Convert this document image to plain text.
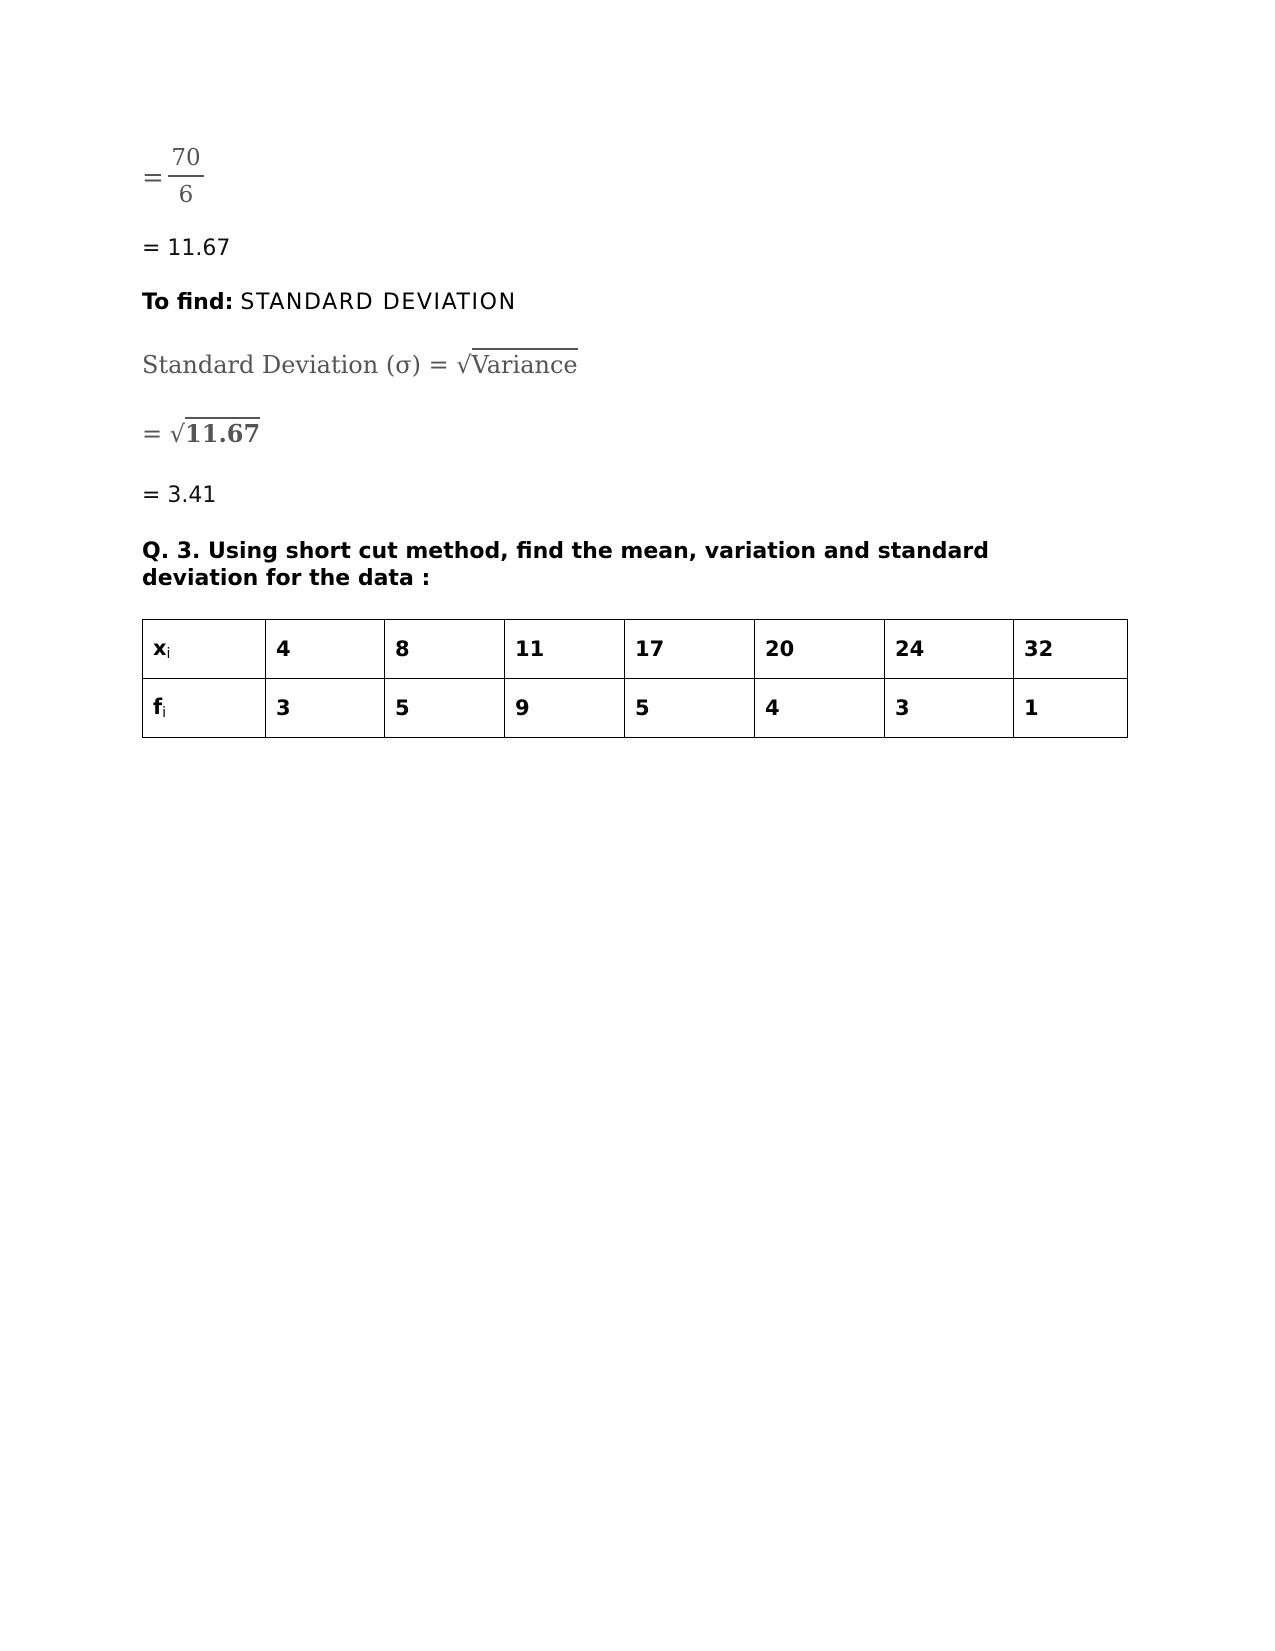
=
70
6
= 11.67
To find: STANDARD DEVIATION
Standard Deviation (σ) = √Variance
= √11.67
= 3.41
Q. 3. Using short cut method, find the mean, variation and standard deviation for the data :
$x_i$	4	8	11	17	20	24	32
$f_i$	3	5	9	5	4	3	1
